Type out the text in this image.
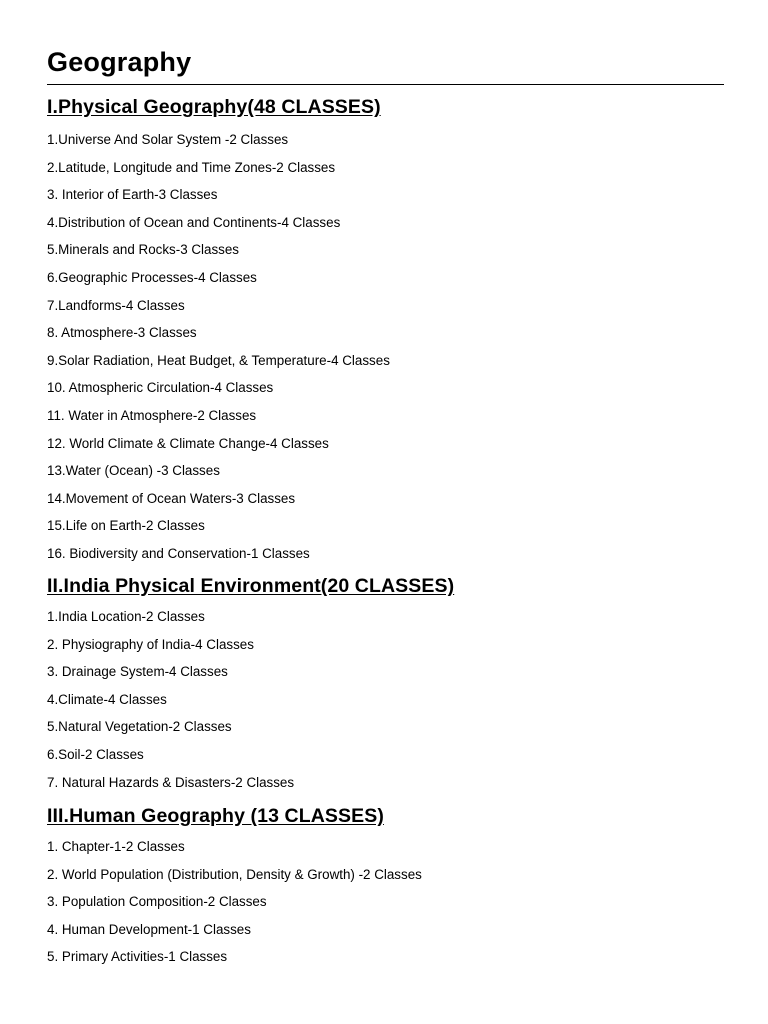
Geography
I.Physical Geography(48 CLASSES)
1.Universe And Solar System -2 Classes
2.Latitude, Longitude and Time Zones-2 Classes
3. Interior of Earth-3 Classes
4.Distribution of Ocean and Continents-4 Classes
5.Minerals and Rocks-3 Classes
6.Geographic Processes-4 Classes
7.Landforms-4 Classes
8. Atmosphere-3 Classes
9.Solar Radiation, Heat Budget, & Temperature-4 Classes
10. Atmospheric Circulation-4 Classes
11. Water in Atmosphere-2 Classes
12. World Climate & Climate Change-4 Classes
13.Water (Ocean) -3 Classes
14.Movement of Ocean Waters-3 Classes
15.Life on Earth-2 Classes
16. Biodiversity and Conservation-1 Classes
II.India Physical Environment(20 CLASSES)
1.India Location-2 Classes
2. Physiography of India-4 Classes
3. Drainage System-4 Classes
4.Climate-4 Classes
5.Natural Vegetation-2 Classes
6.Soil-2 Classes
7. Natural Hazards & Disasters-2 Classes
III.Human Geography (13 CLASSES)
1. Chapter-1-2 Classes
2. World Population (Distribution, Density & Growth) -2 Classes
3. Population Composition-2 Classes
4. Human Development-1 Classes
5. Primary Activities-1 Classes
